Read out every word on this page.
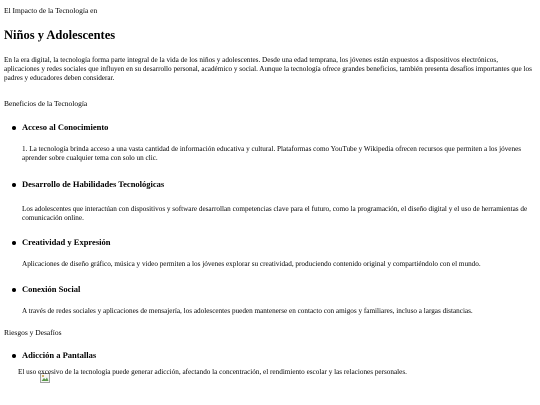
El Impacto de la Tecnología en
Niños y Adolescentes

En la era digital, la tecnología forma parte integral de la vida de los niños y adolescentes. Desde una edad temprana, los jóvenes están expuestos a dispositivos electrónicos, aplicaciones y redes sociales que influyen en su desarrollo personal, académico y social. Aunque la tecnología ofrece grandes beneficios, también presenta desafíos importantes que los padres y educadores deben considerar.

Beneficios de la Tecnología
Acceso al Conocimiento

1. La tecnología brinda acceso a una vasta cantidad de información educativa y cultural. Plataformas como YouTube y Wikipedia ofrecen recursos que permiten a los jóvenes aprender sobre cualquier tema con solo un clic.

Desarrollo de Habilidades Tecnológicas

Los adolescentes que interactúan con dispositivos y software desarrollan competencias clave para el futuro, como la programación, el diseño digital y el uso de herramientas de comunicación online.

Creatividad y Expresión

Aplicaciones de diseño gráfico, música y video permiten a los jóvenes explorar su creatividad, produciendo contenido original y compartiéndolo con el mundo.

Conexión Social

A través de redes sociales y aplicaciones de mensajería, los adolescentes pueden mantenerse en contacto con amigos y familiares, incluso a largas distancias.

Riesgos y Desafíos
Adicción a Pantallas

El uso excesivo de la tecnología puede generar adicción, afectando la concentración, el rendimiento escolar y las relaciones personales.
